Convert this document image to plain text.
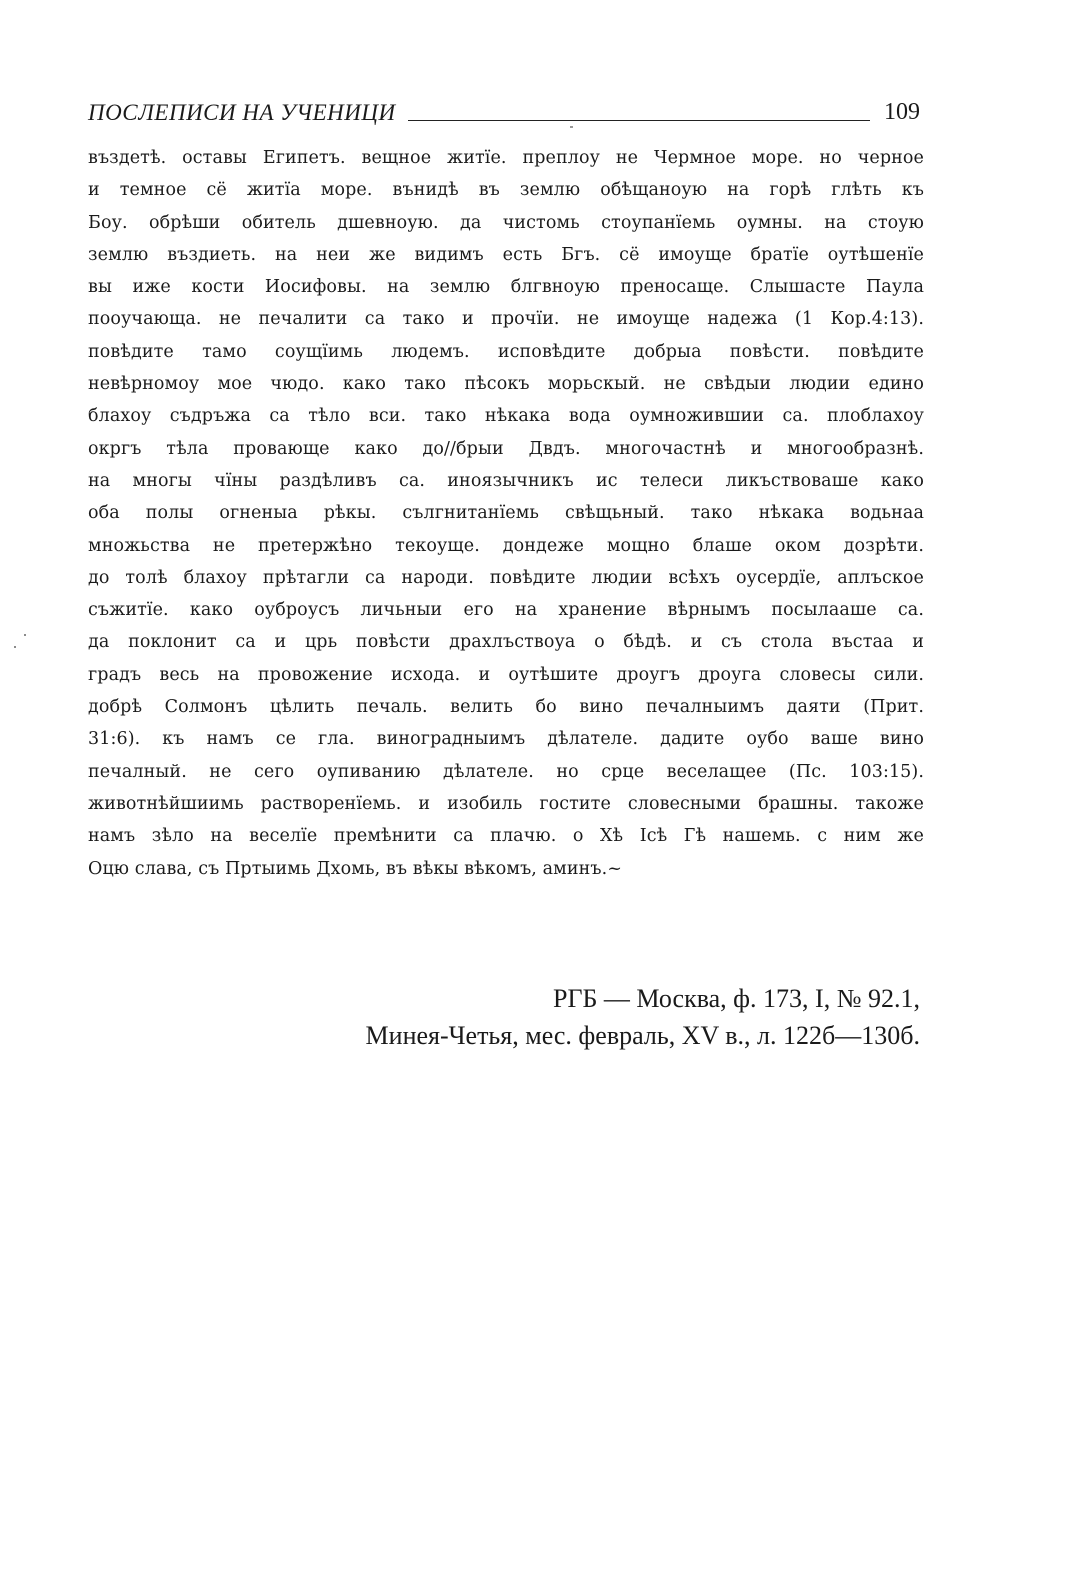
ПОСЛЕПИСИ НА УЧЕНИЦИ	109
въздетѣ. оставы Египетъ. вещное житїе. преплоу не Чермное море. но черное
и темное сё житїа море. вънидѣ въ землю обѣщаноую на горѣ глѣть къ
Боу. обрѣши обитель дшевноую. да чистомь стоупанїемь оумны. на стоую
землю въздиеть. на неи же видимъ есть Бгъ. сё имоуще братїе оутѣшенїе
вы иже кости Иосифовы. на землю блгвноую преносаще. Слышасте Паула
пооучающа. не печалити са тако и прочїи. не имоуще надежа (1 Кор.4:13).
повѣдите тамо соущїимь людемъ. исповѣдите добрыа повѣсти. повѣдите
невѣрномоу мое чюдо. како тако пѣсокъ морьскый. не свѣдыи людии едино
блахоу съдръжа са тѣло вси. тако нѣкака вода оумножившии са. плоблахоу
окргъ тѣла провающе како до//брыи Двдъ. многочастнѣ и многообразнѣ.
на многы чїны раздѣливъ са. иноязычникъ ис телеси ликъствоваше како
оба полы огненыа рѣкы. сългнитанїемь свѣщьный. тако нѣкака водьнаа
множьства не претержѣно текоуще. дондеже мощно блаше оком дозрѣти.
до толѣ блахоу прѣтагли са народи. повѣдите людии всѣхъ оусердїе, аплъское
съжитїе. како оуброусъ личьныи его на хранение вѣрнымъ посылааше са.
да поклонит са и црь повѣсти драхлъствоуа о бѣдѣ. и съ стола въстаа и
градъ весь на провожение исхода. и оутѣшите дроугъ дроуга словесы сили.
добрѣ Солмонъ цѣлить печаль. велить бо вино печалныимъ даяти (Прит.
31:6). къ намъ се гла. виноградныимъ дѣлателе. дадите оубо ваше вино
печалный. не сего оупиванию дѣлателе. но срце веселащее (Пс. 103:15).
животнѣйшиимь растворенїемь. и изобиль гостите словесными брашны. такоже
намъ зѣло на веселїе премѣнити са плачю. о Хѣ Ісѣ Гѣ нашемь. с ним же
Оцю слава, съ Пртыимь Дхомь, въ вѣкы вѣкомъ, аминъ.~
РГБ — Москва, ф. 173, I, № 92.1,
Минея-Четья, мес. февраль, XV в., л. 122б—130б.
